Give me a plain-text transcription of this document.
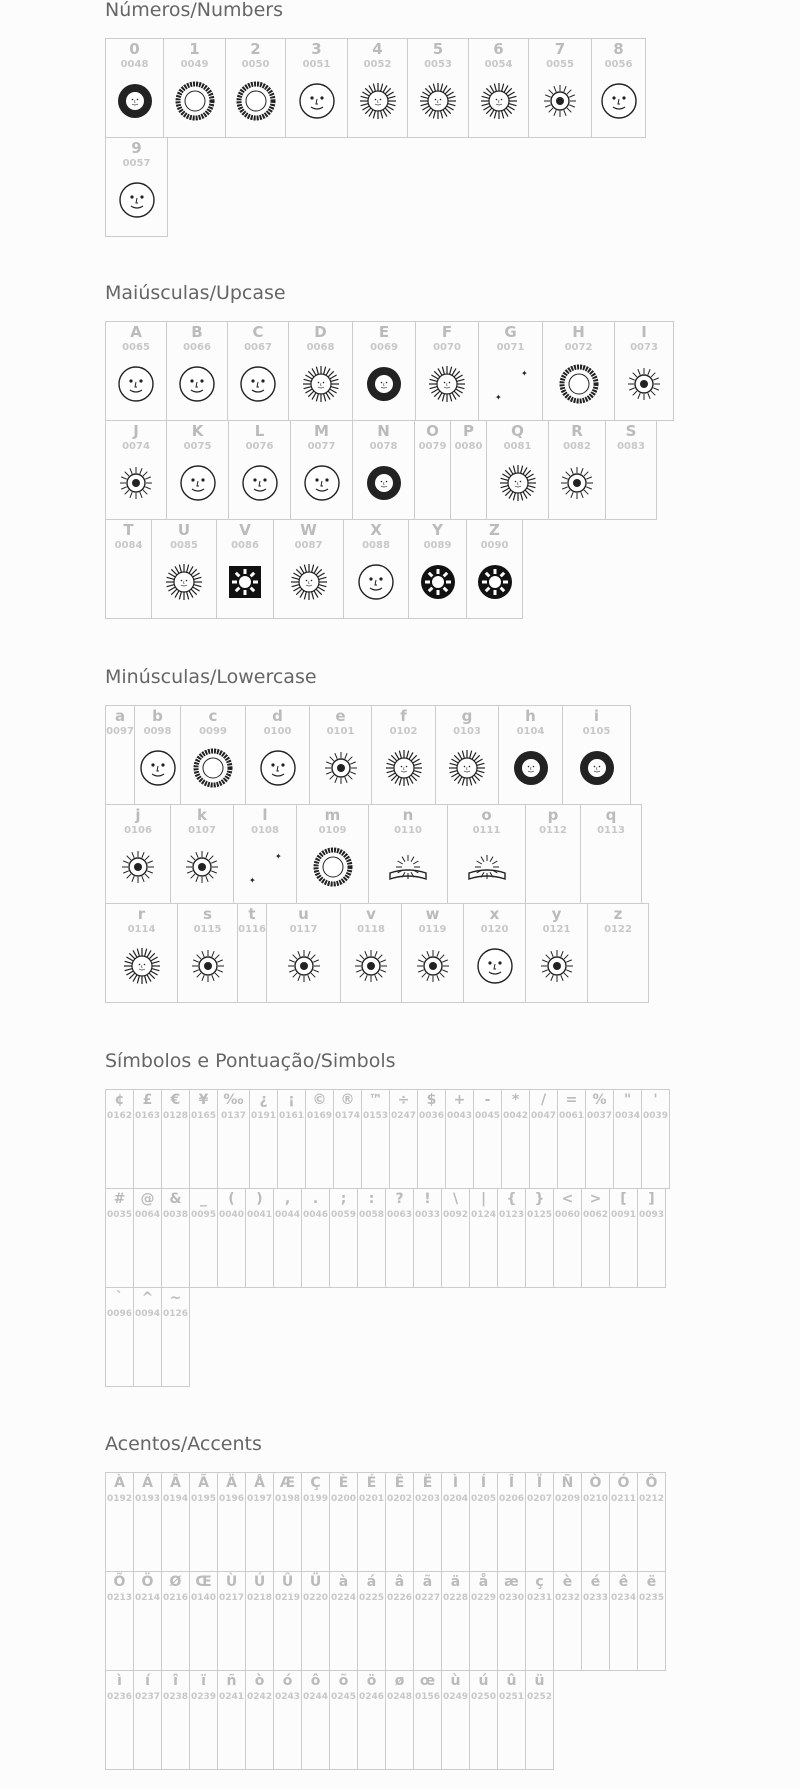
Números/Numbers
0
0048
1
0049
2
0050
3
0051
4
0052
5
0053
6
0054
7
0055
8
0056
9
0057
Maiúsculas/Upcase
A
0065
B
0066
C
0067
D
0068
E
0069
F
0070
G
0071
✦
✦
H
0072
I
0073
J
0074
K
0075
L
0076
M
0077
N
0078
O
0079
P
0080
Q
0081
R
0082
S
0083
T
0084
U
0085
V
0086
W
0087
X
0088
Y
0089
Z
0090
Minúsculas/Lowercase
a
0097
b
0098
c
0099
d
0100
e
0101
f
0102
g
0103
h
0104
i
0105
j
0106
k
0107
l
0108
✦
✦
m
0109
n
0110
o
0111
p
0112
q
0113
r
0114
s
0115
t
0116
u
0117
v
0118
w
0119
x
0120
y
0121
z
0122
Símbolos e Pontuação/Simbols
¢
0162
£
0163
€
0128
¥
0165
‰
0137
¿
0191
¡
0161
©
0169
®
0174
™
0153
÷
0247
$
0036
+
0043
-
0045
*
0042
/
0047
=
0061
%
0037
"
0034
'
0039
#
0035
@
0064
&
0038
_
0095
(
0040
)
0041
,
0044
.
0046
;
0059
:
0058
?
0063
!
0033
\
0092
|
0124
{
0123
}
0125
<
0060
>
0062
[
0091
]
0093
`
0096
^
0094
~
0126
Acentos/Accents
À
0192
Á
0193
Â
0194
Ã
0195
Ä
0196
Å
0197
Æ
0198
Ç
0199
È
0200
É
0201
Ê
0202
Ë
0203
Ì
0204
Í
0205
Î
0206
Ï
0207
Ñ
0209
Ò
0210
Ó
0211
Ô
0212
Õ
0213
Ö
0214
Ø
0216
Œ
0140
Ù
0217
Ú
0218
Û
0219
Ü
0220
à
0224
á
0225
â
0226
ã
0227
ä
0228
å
0229
æ
0230
ç
0231
è
0232
é
0233
ê
0234
ë
0235
ì
0236
í
0237
î
0238
ï
0239
ñ
0241
ò
0242
ó
0243
ô
0244
õ
0245
ö
0246
ø
0248
œ
0156
ù
0249
ú
0250
û
0251
ü
0252
